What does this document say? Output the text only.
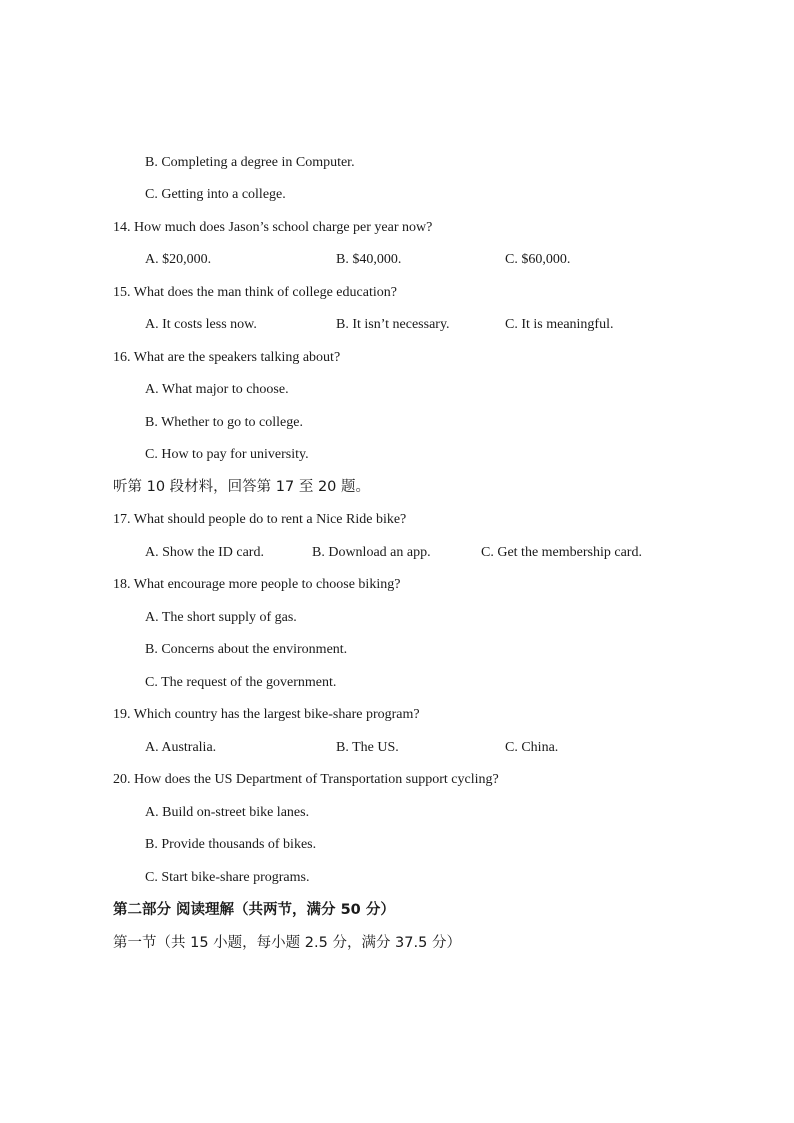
B. Completing a degree in Computer.
C. Getting into a college.
14. How much does Jason’s school charge per year now?
A. $20,000.	B. $40,000.	C. $60,000.
15. What does the man think of college education?
A. It costs less now.	B. It isn’t necessary.	C. It is meaningful.
16. What are the speakers talking about?
A. What major to choose.
B. Whether to go to college.
C. How to pay for university.
听第 10 段材料，回答第 17 至 20 题。
17. What should people do to rent a Nice Ride bike?
A. Show the ID card.	B. Download an app.	C. Get the membership card.
18. What encourage more people to choose biking?
A. The short supply of gas.
B. Concerns about the environment.
C. The request of the government.
19. Which country has the largest bike-share program?
A. Australia.	B. The US.	C. China.
20. How does the US Department of Transportation support cycling?
A. Build on-street bike lanes.
B. Provide thousands of bikes.
C. Start bike-share programs.
第二部分 阅读理解（共两节，满分 50 分）
第一节（共 15 小题，每小题 2.5 分，满分 37.5 分）
